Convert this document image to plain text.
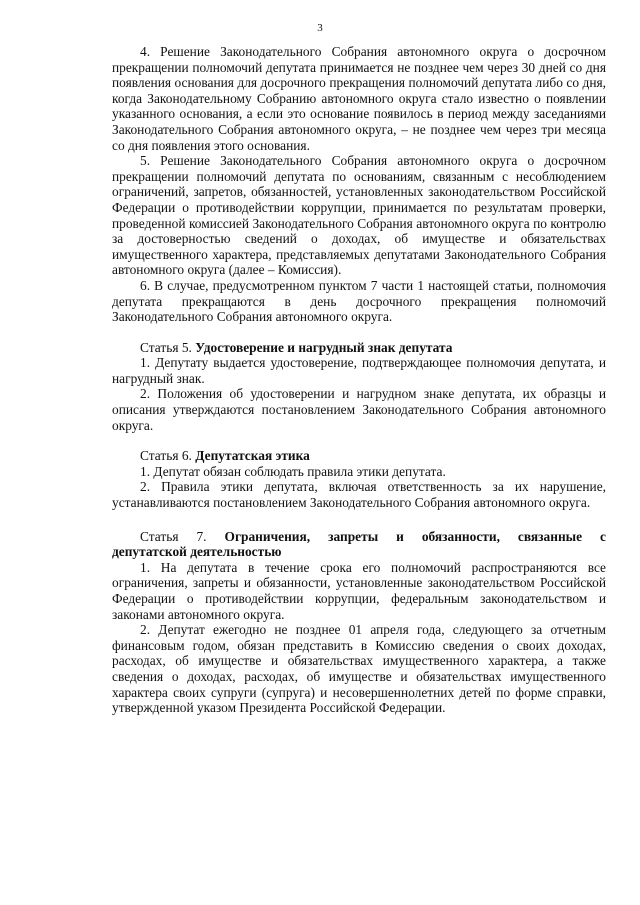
3

4. Решение Законодательного Собрания автономного округа о досрочном прекращении полномочий депутата принимается не позднее чем через 30 дней со дня появления основания для досрочного прекращения полномочий депутата либо со дня, когда Законодательному Собранию автономного округа стало известно о появлении указанного основания, а если это основание появилось в период между заседаниями Законодательного Собрания автономного округа, – не позднее чем через три месяца со дня появления этого основания.

5. Решение Законодательного Собрания автономного округа о досрочном прекращении полномочий депутата по основаниям, связанным с несоблюдением ограничений, запретов, обязанностей, установленных законодательством Российской Федерации о противодействии коррупции, принимается по результатам проверки, проведенной комиссией Законодательного Собрания автономного округа по контролю за достоверностью сведений о доходах, об имуществе и обязательствах имущественного характера, представляемых депутатами Законодательного Собрания автономного округа (далее – Комиссия).

6. В случае, предусмотренном пунктом 7 части 1 настоящей статьи, полномочия депутата прекращаются в день досрочного прекращения полномочий Законодательного Собрания автономного округа.

Статья 5. Удостоверение и нагрудный знак депутата

1. Депутату выдается удостоверение, подтверждающее полномочия депутата, и нагрудный знак.

2. Положения об удостоверении и нагрудном знаке депутата, их образцы и описания утверждаются постановлением Законодательного Собрания автономного округа.

Статья 6. Депутатская этика

1. Депутат обязан соблюдать правила этики депутата.

2. Правила этики депутата, включая ответственность за их нарушение, устанавливаются постановлением Законодательного Собрания автономного округа.

Статья 7. Ограничения, запреты и обязанности, связанные с

депутатской деятельностью

1. На депутата в течение срока его полномочий распространяются все ограничения, запреты и обязанности, установленные законодательством Российской Федерации о противодействии коррупции, федеральным законодательством и законами автономного округа.

2. Депутат ежегодно не позднее 01 апреля года, следующего за отчетным финансовым годом, обязан представить в Комиссию сведения о своих доходах, расходах, об имуществе и обязательствах имущественного характера, а также сведения о доходах, расходах, об имуществе и обязательствах имущественного характера своих супруги (супруга) и несовершеннолетних детей по форме справки, утвержденной указом Президента Российской Федерации.
